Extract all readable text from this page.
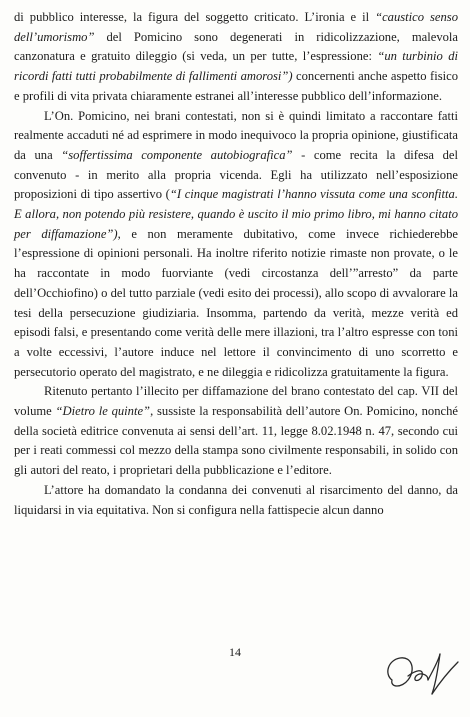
di pubblico interesse, la figura del soggetto criticato. L’ironia e il “caustico senso dell’umorismo” del Pomicino sono degenerati in ridicolizzazione, malevola canzonatura e gratuito dileggio (si veda, un per tutte, l’espressione: “un turbinio di ricordi fatti tutti probabilmente di fallimenti amorosi”) concernenti anche aspetto fisico e profili di vita privata chiaramente estranei all’interesse pubblico dell’informazione.

L’On. Pomicino, nei brani contestati, non si è quindi limitato a raccontare fatti realmente accaduti né ad esprimere in modo inequivoco la propria opinione, giustificata da una “soffertissima componente autobiografica” - come recita la difesa del convenuto - in merito alla propria vicenda. Egli ha utilizzato nell’esposizione proposizioni di tipo assertivo (“I cinque magistrati l’hanno vissuta come una sconfitta. E allora, non potendo più resistere, quando è uscito il mio primo libro, mi hanno citato per diffamazione”), e non meramente dubitativo, come invece richiederebbe l’espressione di opinioni personali. Ha inoltre riferito notizie rimaste non provate, o le ha raccontate in modo fuorviante (vedi circostanza dell’”arresto” da parte dell’Occhiofino) o del tutto parziale (vedi esito dei processi), allo scopo di avvalorare la tesi della persecuzione giudiziaria. Insomma, partendo da verità, mezze verità ed episodi falsi, e presentando come verità delle mere illazioni, tra l’altro espresse con toni a volte eccessivi, l’autore induce nel lettore il convincimento di uno scorretto e persecutorio operato del magistrato, e ne dileggia e ridicolizza gratuitamente la figura.

Ritenuto pertanto l’illecito per diffamazione del brano contestato del cap. VII del volume “Dietro le quinte”, sussiste la responsabilità dell’autore On. Pomicino, nonché della società editrice convenuta ai sensi dell’art. 11, legge 8.02.1948 n. 47, secondo cui per i reati commessi col mezzo della stampa sono civilmente responsabili, in solido con gli autori del reato, i proprietari della pubblicazione e l’editore.

L’attore ha domandato la condanna dei convenuti al risarcimento del danno, da liquidarsi in via equitativa. Non si configura nella fattispecie alcun danno

14
